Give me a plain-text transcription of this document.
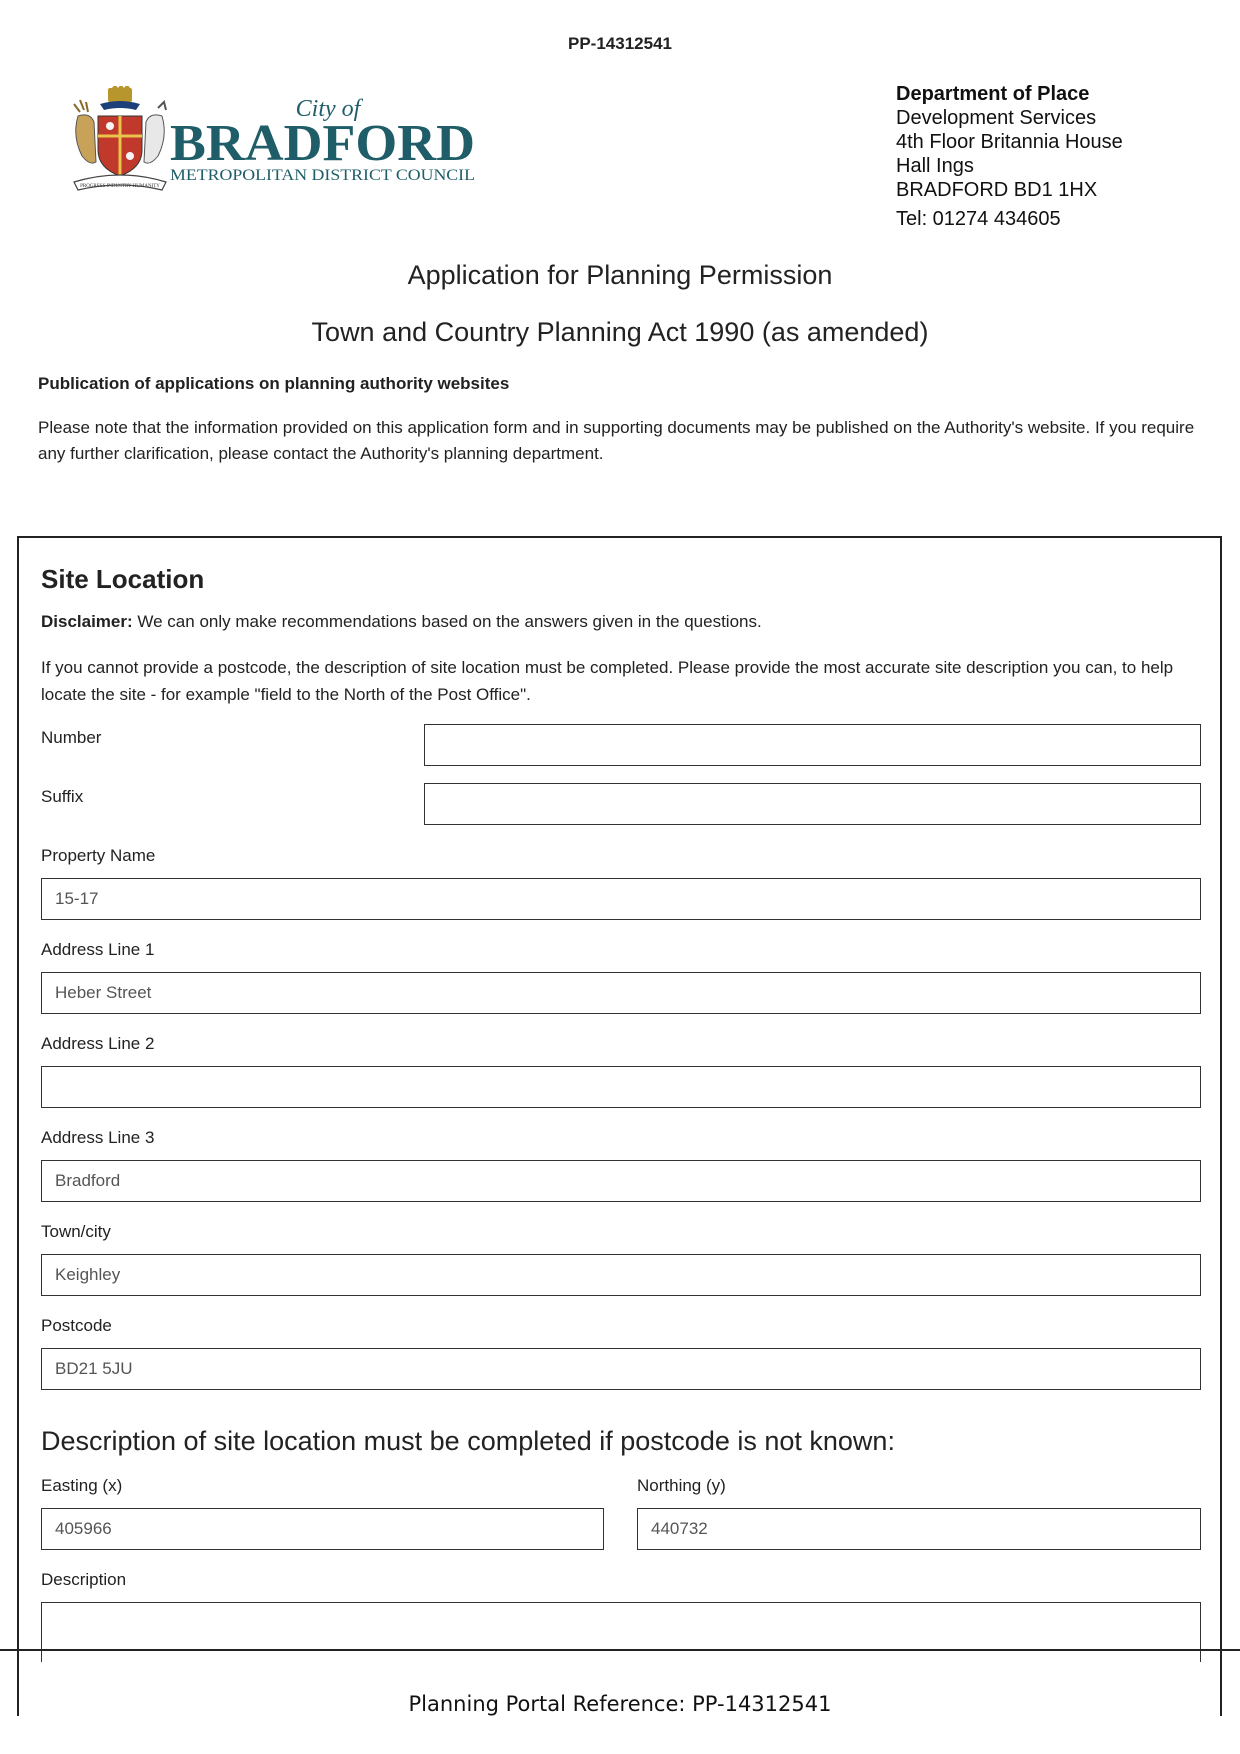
PP-14312541
PROGRESS INDUSTRY HUMANITY
City of
BRADFORD
METROPOLITAN DISTRICT COUNCIL
Department of Place
Development Services
4th Floor Britannia House
Hall Ings
BRADFORD BD1 1HX
Tel: 01274 434605
Application for Planning Permission
Town and Country Planning Act 1990 (as amended)
Publication of applications on planning authority websites
Please note that the information provided on this application form and in supporting documents may be published on the Authority's website. If you require any further clarification, please contact the Authority's planning department.
Site Location
Disclaimer: We can only make recommendations based on the answers given in the questions.
If you cannot provide a postcode, the description of site location must be completed. Please provide the most accurate site description you can, to help locate the site - for example "field to the North of the Post Office".
Number
Suffix
Property Name
15-17
Address Line 1
Heber Street
Address Line 2
Address Line 3
Bradford
Town/city
Keighley
Postcode
BD21 5JU
Description of site location must be completed if postcode is not known:
Easting (x)
405966
Northing (y)
440732
Description
Planning Portal Reference: PP-14312541
